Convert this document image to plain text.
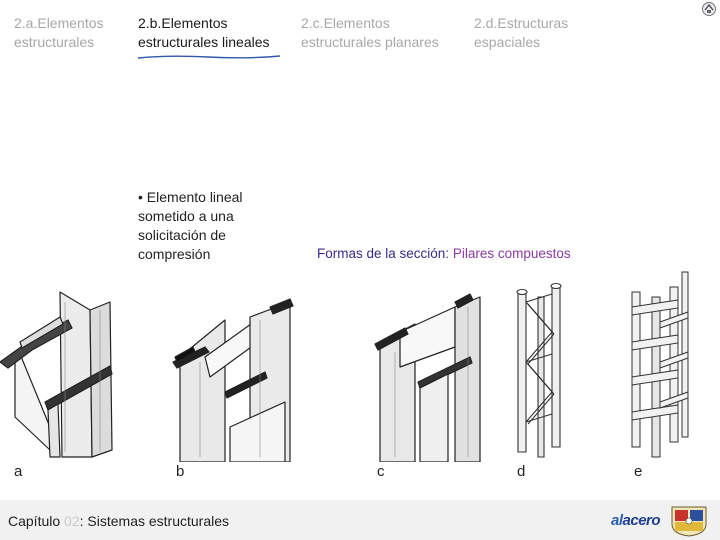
2.a.Elementos estructurales
2.b.Elementos estructurales lineales
2.c.Elementos estructurales planares
2.d.Estructuras espaciales
• Elemento lineal sometido a una solicitación de compresión	Formas de la sección: Pilares compuestos
a	b	c	d	e
Capítulo 02: Sistemas estructurales	alacero
